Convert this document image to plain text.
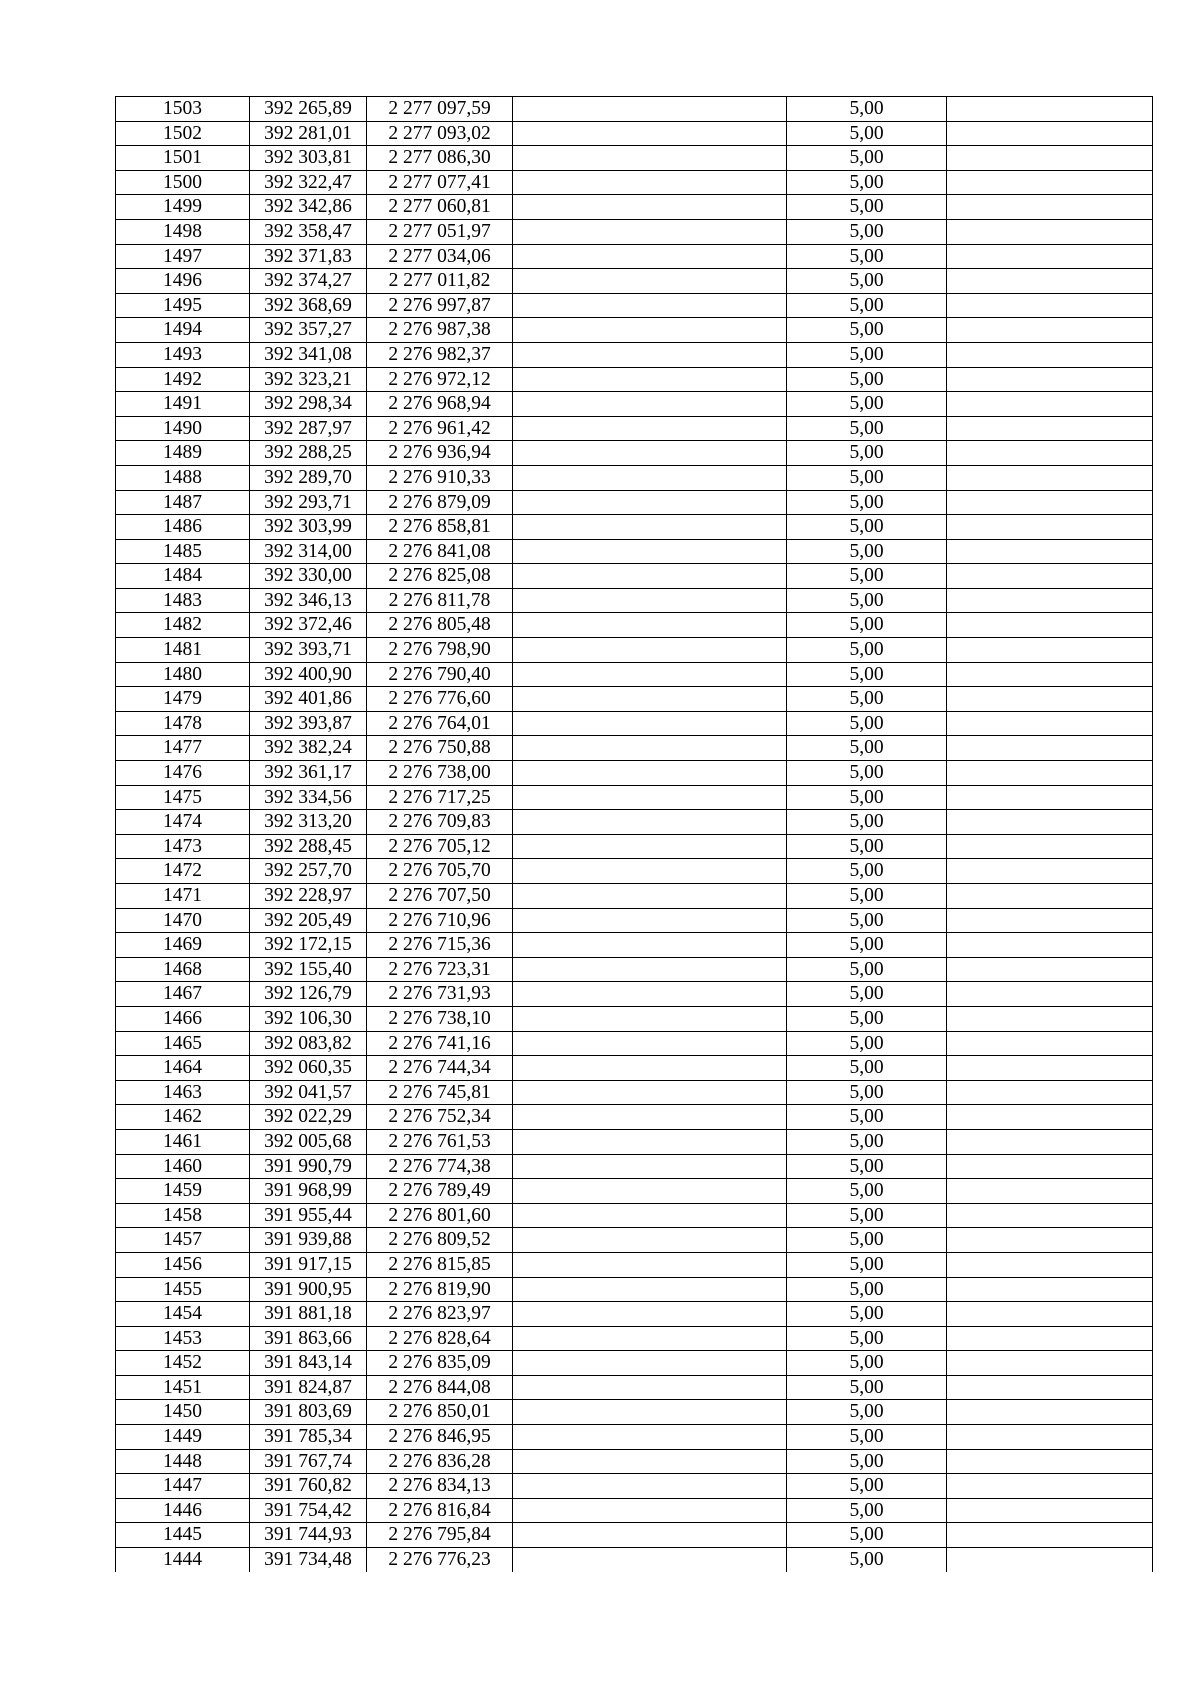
1503	392 265,89	2 277 097,59		5,00	
1502	392 281,01	2 277 093,02		5,00	
1501	392 303,81	2 277 086,30		5,00	
1500	392 322,47	2 277 077,41		5,00	
1499	392 342,86	2 277 060,81		5,00	
1498	392 358,47	2 277 051,97		5,00	
1497	392 371,83	2 277 034,06		5,00	
1496	392 374,27	2 277 011,82		5,00	
1495	392 368,69	2 276 997,87		5,00	
1494	392 357,27	2 276 987,38		5,00	
1493	392 341,08	2 276 982,37		5,00	
1492	392 323,21	2 276 972,12		5,00	
1491	392 298,34	2 276 968,94		5,00	
1490	392 287,97	2 276 961,42		5,00	
1489	392 288,25	2 276 936,94		5,00	
1488	392 289,70	2 276 910,33		5,00	
1487	392 293,71	2 276 879,09		5,00	
1486	392 303,99	2 276 858,81		5,00	
1485	392 314,00	2 276 841,08		5,00	
1484	392 330,00	2 276 825,08		5,00	
1483	392 346,13	2 276 811,78		5,00	
1482	392 372,46	2 276 805,48		5,00	
1481	392 393,71	2 276 798,90		5,00	
1480	392 400,90	2 276 790,40		5,00	
1479	392 401,86	2 276 776,60		5,00	
1478	392 393,87	2 276 764,01		5,00	
1477	392 382,24	2 276 750,88		5,00	
1476	392 361,17	2 276 738,00		5,00	
1475	392 334,56	2 276 717,25		5,00	
1474	392 313,20	2 276 709,83		5,00	
1473	392 288,45	2 276 705,12		5,00	
1472	392 257,70	2 276 705,70		5,00	
1471	392 228,97	2 276 707,50		5,00	
1470	392 205,49	2 276 710,96		5,00	
1469	392 172,15	2 276 715,36		5,00	
1468	392 155,40	2 276 723,31		5,00	
1467	392 126,79	2 276 731,93		5,00	
1466	392 106,30	2 276 738,10		5,00	
1465	392 083,82	2 276 741,16		5,00	
1464	392 060,35	2 276 744,34		5,00	
1463	392 041,57	2 276 745,81		5,00	
1462	392 022,29	2 276 752,34		5,00	
1461	392 005,68	2 276 761,53		5,00	
1460	391 990,79	2 276 774,38		5,00	
1459	391 968,99	2 276 789,49		5,00	
1458	391 955,44	2 276 801,60		5,00	
1457	391 939,88	2 276 809,52		5,00	
1456	391 917,15	2 276 815,85		5,00	
1455	391 900,95	2 276 819,90		5,00	
1454	391 881,18	2 276 823,97		5,00	
1453	391 863,66	2 276 828,64		5,00	
1452	391 843,14	2 276 835,09		5,00	
1451	391 824,87	2 276 844,08		5,00	
1450	391 803,69	2 276 850,01		5,00	
1449	391 785,34	2 276 846,95		5,00	
1448	391 767,74	2 276 836,28		5,00	
1447	391 760,82	2 276 834,13		5,00	
1446	391 754,42	2 276 816,84		5,00	
1445	391 744,93	2 276 795,84		5,00	
1444	391 734,48	2 276 776,23		5,00	
